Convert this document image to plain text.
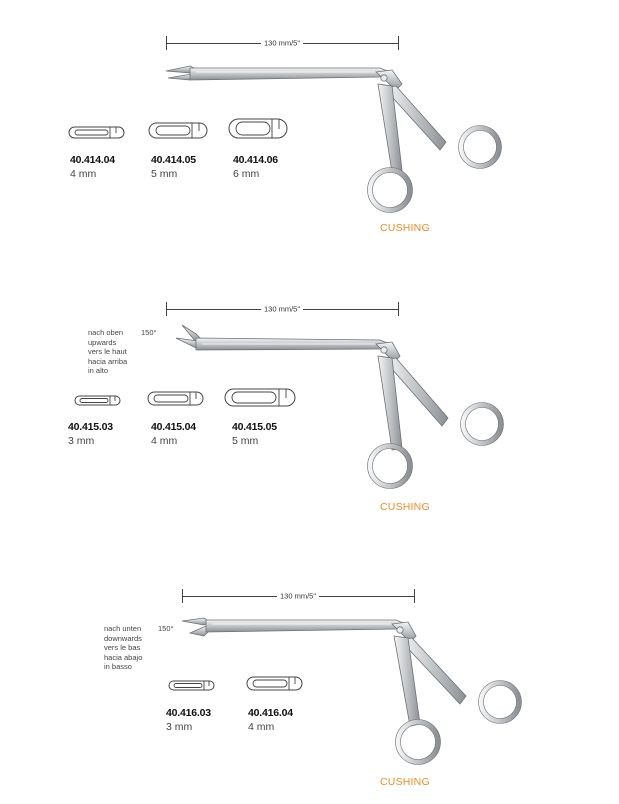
130 mm/5"
40.414.04
4 mm
40.414.05
5 mm
40.414.06
6 mm
CUSHING
130 mm/5"
nach oben
upwards
vers le haut
hacia arriba
in alto
150°
40.415.03
3 mm
40.415.04
4 mm
40.415.05
5 mm
CUSHING
130 mm/5"
nach unten
downwards
vers le bas
hacia abajo
in basso
150°
40.416.03
3 mm
40.416.04
4 mm
CUSHING
